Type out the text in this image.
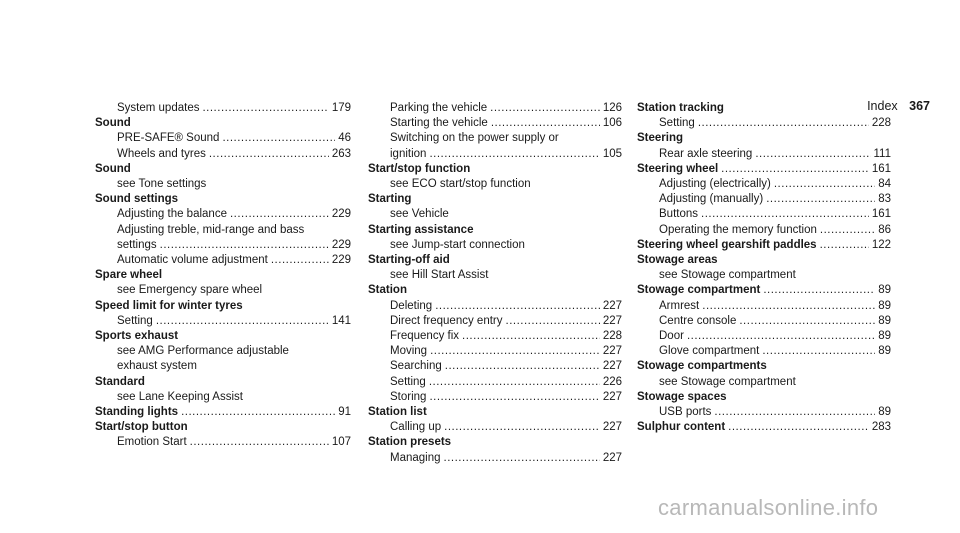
Index 367
System updates .....	179
Sound
PRE-SAFE® Sound .....	46
Wheels and tyres .....	263
Sound
see Tone settings
Sound settings
Adjusting the balance .....	229
Adjusting treble, mid-range and bass
settings .....	229
Automatic volume adjustment .....	229
Spare wheel
see Emergency spare wheel
Speed limit for winter tyres
Setting .....	141
Sports exhaust
see AMG Performance adjustable
exhaust system
Standard
see Lane Keeping Assist
Standing lights .....	91
Start/stop button
Emotion Start .....	107
Parking the vehicle .....	126
Starting the vehicle .....	106
Switching on the power supply or
ignition .....	105
Start/stop function
see ECO start/stop function
Starting
see Vehicle
Starting assistance
see Jump-start connection
Starting-off aid
see Hill Start Assist
Station
Deleting .....	227
Direct frequency entry .....	227
Frequency fix .....	228
Moving .....	227
Searching .....	227
Setting .....	226
Storing .....	227
Station list
Calling up .....	227
Station presets
Managing .....	227
Station tracking
Setting .....	228
Steering
Rear axle steering .....	111
Steering wheel .....	161
Adjusting (electrically) .....	84
Adjusting (manually) .....	83
Buttons .....	161
Operating the memory function .....	86
Steering wheel gearshift paddles .....	122
Stowage areas
see Stowage compartment
Stowage compartment .....	89
Armrest .....	89
Centre console .....	89
Door .....	89
Glove compartment .....	89
Stowage compartments
see Stowage compartment
Stowage spaces
USB ports .....	89
Sulphur content .....	283
carmanualsonline.info
